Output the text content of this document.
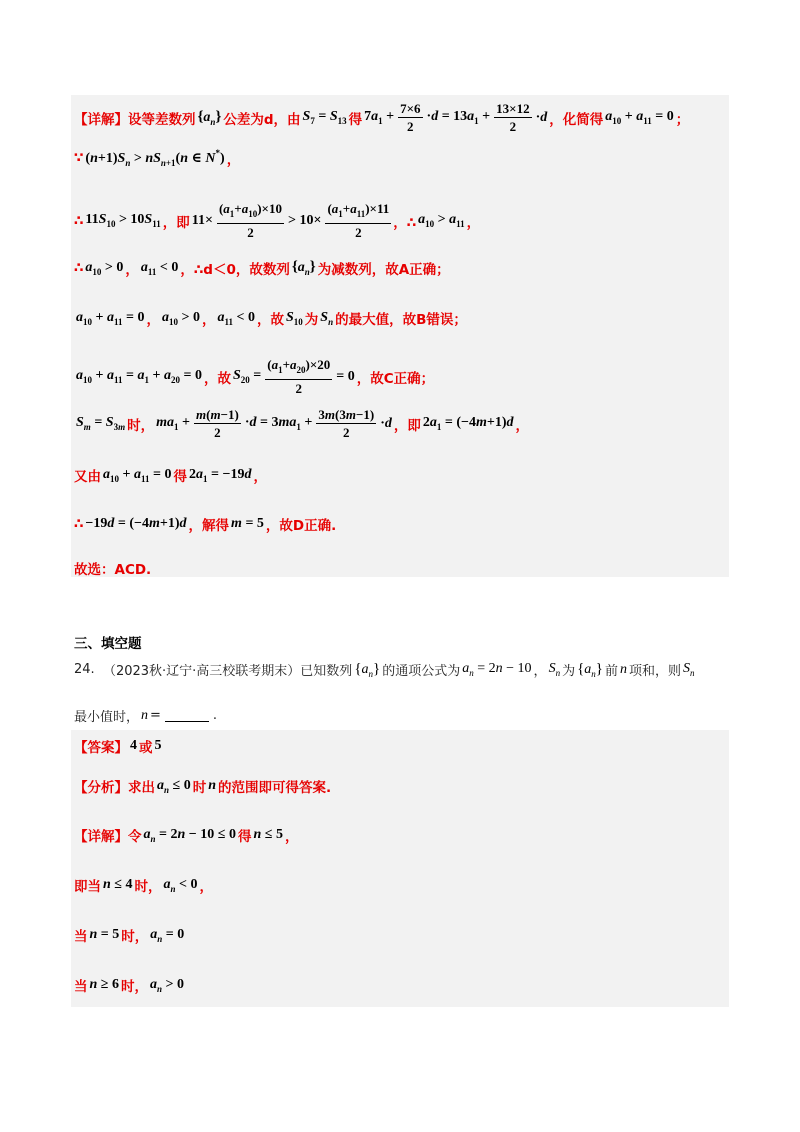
【详解】 设等差数列 $\{a_n\}$ 公差为d，由 $S_7 = S_{13}$ 得 $7a_1 + \frac{7\times 6}{2} \cdot d = 13a_1 + \frac{13\times 12}{2} \cdot d$ ，化简得 $a_{10} + a_{11} = 0$ ；
∵ $(n+1)S_n > nS_{n+1}(n$ ∈ N*) ，
∴ $11S_{10} > 10S_{11}$ ，即 $11\times \frac{(a_1+a_{10})\times 10}{2} > 10\times \frac{(a_1+a_{11})\times 11}{2}$ ，∴ $a_{10} > a_{11}$ ，
∴ $a_{10} > 0$ ， $a_{11} < 0$ ，∴d＜0，故数列 $\{a_n\}$ 为减数列，故A正确；
$a_{10} + a_{11} = 0$ ， $a_{10} > 0$ ， $a_{11} < 0$ ，故 $S_{10}$ 为 $S_n$ 的最大值，故B错误；
$a_{10} + a_{11} = a_1 + a_{20} = 0$ ，故 $S_{20} = \frac{(a_1+a_{20})\times 20}{2} = 0$ ，故C正确；
$S_m = S_{3m}$ 时， $ma_1 + \frac{m(m-1)}{2} \cdot d = 3ma_1 + \frac{3m(3m-1)}{2} \cdot d$ ，即 $2a_1 = (-4m+1)d$ ，
又由 $a_{10} + a_{11} = 0$ 得 $2a_1 = -19d$ ，
∴ −19d = (−4m+1)d ，解得 m = 5 ，故D正确.
故选：ACD.
三、填空题
24.
（2023秋·辽宁·高三校联考期末）已知数列 $\{a_n\}$ 的通项公式为 $a_n = 2n - 10$ ， $S_n$ 为 $\{a_n\}$ 前 n 项和，则 $S_n$
最小值时， n =	.
【答案】 4 或 5
【分析】求出 $a_n \le 0$ 时 n 的范围即可得答案.
【详解】令 $a_n = 2n - 10 \le 0$ 得 n ≤ 5 ，
即当 n ≤ 4 时， $a_n < 0$ ，
当 n = 5 时， $a_n = 0$
当 n ≥ 6 时， $a_n > 0$
